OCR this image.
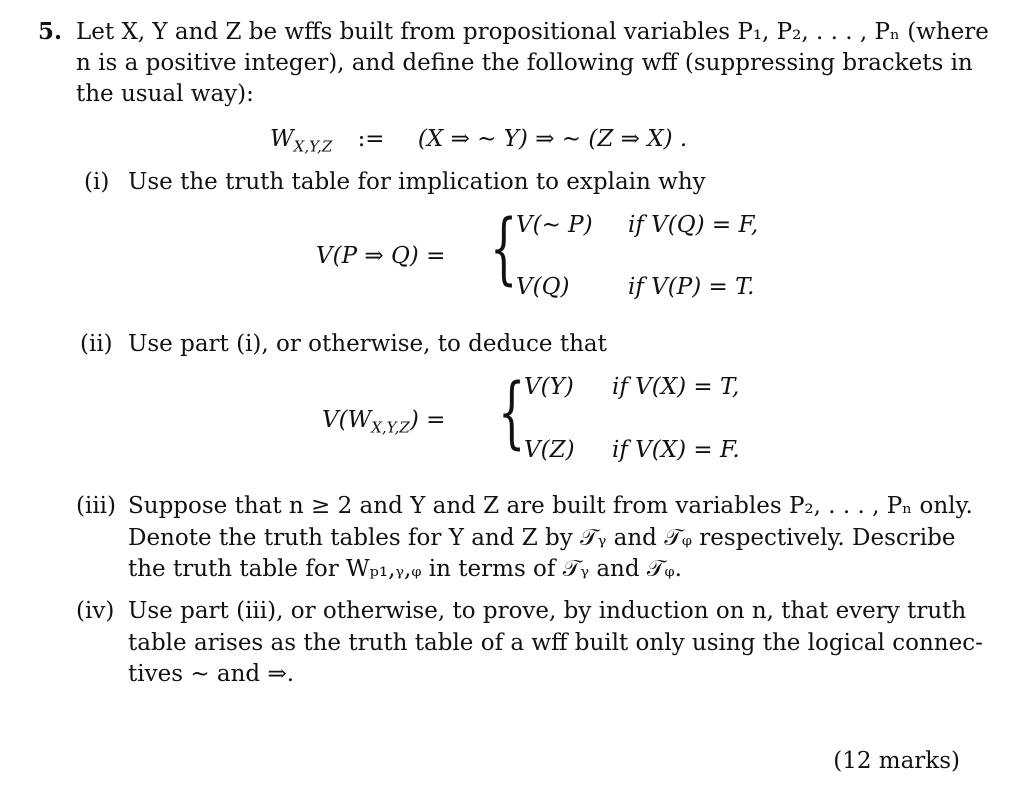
5. Let X, Y and Z be wffs built from propositional variables P₁, P₂, . . . , Pₙ (where
n is a positive integer), and define the following wff (suppressing brackets in
the usual way):
$W_{X,Y,Z}$ := (X ⇒ ∼ Y) ⇒ ∼ (Z ⇒ X) .
(i) Use the truth table for implication to explain why
V(P ⇒ Q) = {
V(∼ P) if V(Q) = F,
V(Q)	if V(P) = T.
(ii) Use part (i), or otherwise, to deduce that
$V(W_{X,Y,Z})$ = {
V(Y) if V(X) = T,
V(Z) if V(X) = F.
(iii) Suppose that n ≥ 2 and Y and Z are built from variables P₂, . . . , Pₙ only.
Denote the truth tables for Y and Z by 𝒯ᵧ and 𝒯ᵩ respectively. Describe
the truth table for Wₚ₁,ᵧ,ᵩ in terms of 𝒯ᵧ and 𝒯ᵩ.
(iv) Use part (iii), or otherwise, to prove, by induction on n, that every truth
table arises as the truth table of a wff built only using the logical connec-
tives ∼ and ⇒.
(12 marks)
